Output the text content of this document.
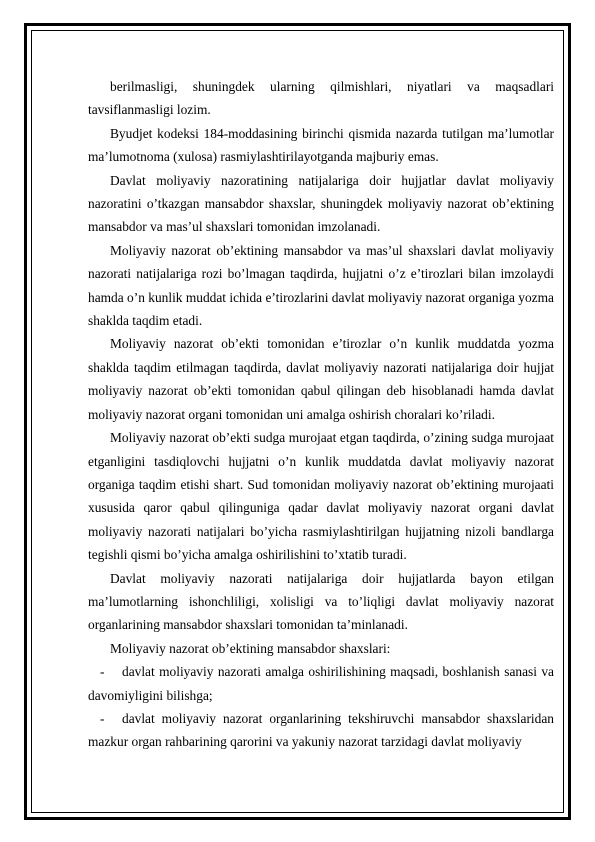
berilmasligi, shuningdek ularning qilmishlari, niyatlari va maqsadlari tavsiflanmasligi lozim.

Byudjet kodeksi 184-moddasining birinchi qismida nazarda tutilgan ma’lumotlar ma’lumotnoma (xulosa) rasmiylashtirilayotganda majburiy emas.

Davlat moliyaviy nazoratining natijalariga doir hujjatlar davlat moliyaviy nazoratini o’tkazgan mansabdor shaxslar, shuningdek moliyaviy nazorat ob’ektining mansabdor va mas’ul shaxslari tomonidan imzolanadi.

Moliyaviy nazorat ob’ektining mansabdor va mas’ul shaxslari davlat moliyaviy nazorati natijalariga rozi bo’lmagan taqdirda, hujjatni o’z e’tirozlari bilan imzolaydi hamda o’n kunlik muddat ichida e’tirozlarini davlat moliyaviy nazorat organiga yozma shaklda taqdim etadi.

Moliyaviy nazorat ob’ekti tomonidan e’tirozlar o’n kunlik muddatda yozma shaklda taqdim etilmagan taqdirda, davlat moliyaviy nazorati natijalariga doir hujjat moliyaviy nazorat ob’ekti tomonidan qabul qilingan deb hisoblanadi hamda davlat moliyaviy nazorat organi tomonidan uni amalga oshirish choralari ko’riladi.

Moliyaviy nazorat ob’ekti sudga murojaat etgan taqdirda, o’zining sudga murojaat etganligini tasdiqlovchi hujjatni o’n kunlik muddatda davlat moliyaviy nazorat organiga taqdim etishi shart. Sud tomonidan moliyaviy nazorat ob’ektining murojaati xususida qaror qabul qilinguniga qadar davlat moliyaviy nazorat organi davlat moliyaviy nazorati natijalari bo’yicha rasmiylashtirilgan hujjatning nizoli bandlarga tegishli qismi bo’yicha amalga oshirilishini to’xtatib turadi.

Davlat moliyaviy nazorati natijalariga doir hujjatlarda bayon etilgan ma’lumotlarning ishonchliligi, xolisligi va to’liqligi davlat moliyaviy nazorat organlarining mansabdor shaxslari tomonidan ta’minlanadi.

Moliyaviy nazorat ob’ektining mansabdor shaxslari:

- davlat moliyaviy nazorati amalga oshirilishining maqsadi, boshlanish sanasi va davomiyligini bilishga;

- davlat moliyaviy nazorat organlarining tekshiruvchi mansabdor shaxslaridan mazkur organ rahbarining qarorini va yakuniy nazorat tarzidagi davlat moliyaviy
